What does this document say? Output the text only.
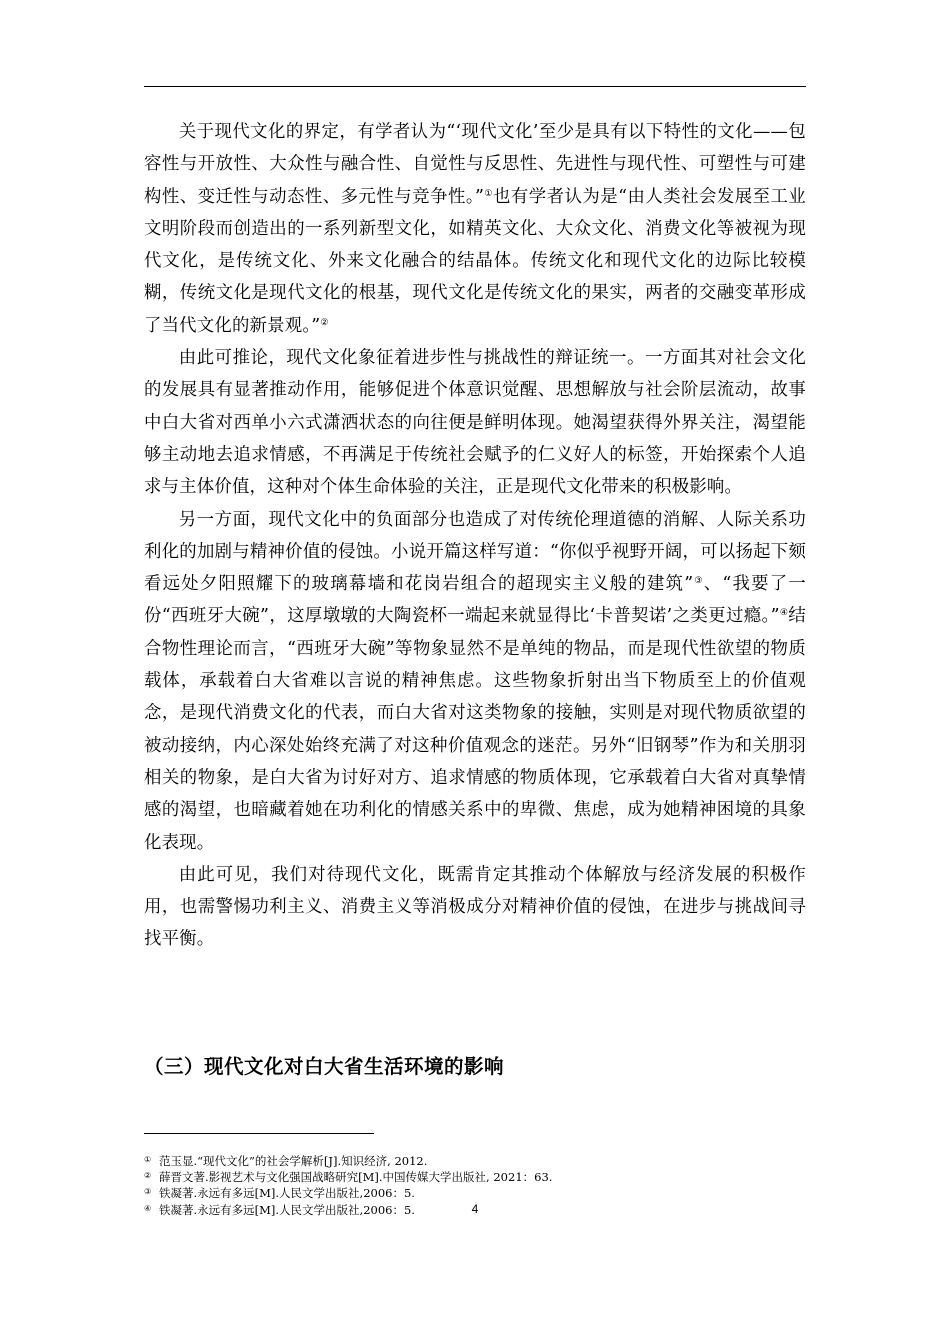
关于现代文化的界定，有学者认为“‘现代文化’至少是具有以下特性的文化——包容性与开放性、大众性与融合性、自觉性与反思性、先进性与现代性、可塑性与可建构性、变迁性与动态性、多元性与竞争性。”①也有学者认为是“由人类社会发展至工业文明阶段而创造出的一系列新型文化，如精英文化、大众文化、消费文化等被视为现代文化，是传统文化、外来文化融合的结晶体。传统文化和现代文化的边际比较模糊，传统文化是现代文化的根基，现代文化是传统文化的果实，两者的交融变革形成了当代文化的新景观。”②

由此可推论，现代文化象征着进步性与挑战性的辩证统一。一方面其对社会文化的发展具有显著推动作用，能够促进个体意识觉醒、思想解放与社会阶层流动，故事中白大省对西单小六式潇洒状态的向往便是鲜明体现。她渴望获得外界关注，渴望能够主动地去追求情感，不再满足于传统社会赋予的仁义好人的标签，开始探索个人追求与主体价值，这种对个体生命体验的关注，正是现代文化带来的积极影响。

另一方面，现代文化中的负面部分也造成了对传统伦理道德的消解、人际关系功利化的加剧与精神价值的侵蚀。小说开篇这样写道：“你似乎视野开阔，可以扬起下颏看远处夕阳照耀下的玻璃幕墙和花岗岩组合的超现实主义般的建筑”③、“我要了一份“西班牙大碗”，这厚墩墩的大陶瓷杯一端起来就显得比‘卡普契诺’之类更过瘾。”④结合物性理论而言，“西班牙大碗”等物象显然不是单纯的物品，而是现代性欲望的物质载体，承载着白大省难以言说的精神焦虑。这些物象折射出当下物质至上的价值观念，是现代消费文化的代表，而白大省对这类物象的接触，实则是对现代物质欲望的被动接纳，内心深处始终充满了对这种价值观念的迷茫。另外“旧钢琴”作为和关朋羽相关的物象，是白大省为讨好对方、追求情感的物质体现，它承载着白大省对真挚情感的渴望，也暗藏着她在功利化的情感关系中的卑微、焦虑，成为她精神困境的具象化表现。

由此可见，我们对待现代文化，既需肯定其推动个体解放与经济发展的积极作用，也需警惕功利主义、消费主义等消极成分对精神价值的侵蚀，在进步与挑战间寻找平衡。

（三）现代文化对白大省生活环境的影响
① 范玉显.“现代文化”的社会学解析[J].知识经济, 2012.
② 薛晋文著.影视艺术与文化强国战略研究[M].中国传媒大学出版社, 2021：63.
③ 铁凝著.永远有多远[M].人民文学出版社,2006：5.
④ 铁凝著.永远有多远[M].人民文学出版社,2006：5.	4
